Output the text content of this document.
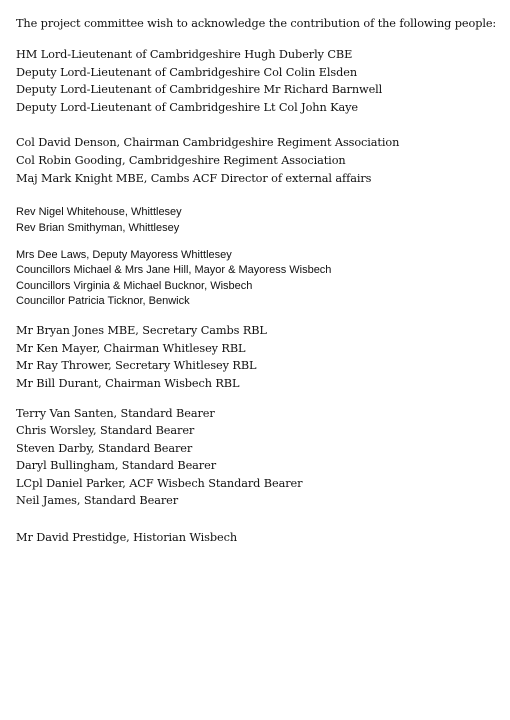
The project committee wish to acknowledge the contribution of the following people:
HM Lord-Lieutenant of Cambridgeshire Hugh Duberly CBE
Deputy Lord-Lieutenant of Cambridgeshire Col Colin Elsden
Deputy Lord-Lieutenant of Cambridgeshire Mr Richard Barnwell
Deputy Lord-Lieutenant of Cambridgeshire Lt Col John Kaye
Col David Denson, Chairman Cambridgeshire Regiment Association
Col Robin Gooding, Cambridgeshire Regiment Association
Maj Mark Knight MBE, Cambs ACF Director of external affairs
Rev Nigel Whitehouse, Whittlesey
Rev Brian Smithyman, Whittlesey
Mrs Dee Laws, Deputy Mayoress Whittlesey
Councillors Michael & Mrs Jane Hill, Mayor & Mayoress Wisbech
Councillors Virginia & Michael Bucknor, Wisbech
Councillor Patricia Ticknor, Benwick
Mr Bryan Jones MBE, Secretary Cambs RBL
Mr Ken Mayer, Chairman Whitlesey RBL
Mr Ray Thrower, Secretary Whitlesey RBL
Mr Bill Durant, Chairman Wisbech RBL
Terry Van Santen, Standard Bearer
Chris Worsley, Standard Bearer
Steven Darby, Standard Bearer
Daryl Bullingham, Standard Bearer
LCpl Daniel Parker, ACF Wisbech Standard Bearer
Neil James, Standard Bearer
Mr David Prestidge, Historian Wisbech
